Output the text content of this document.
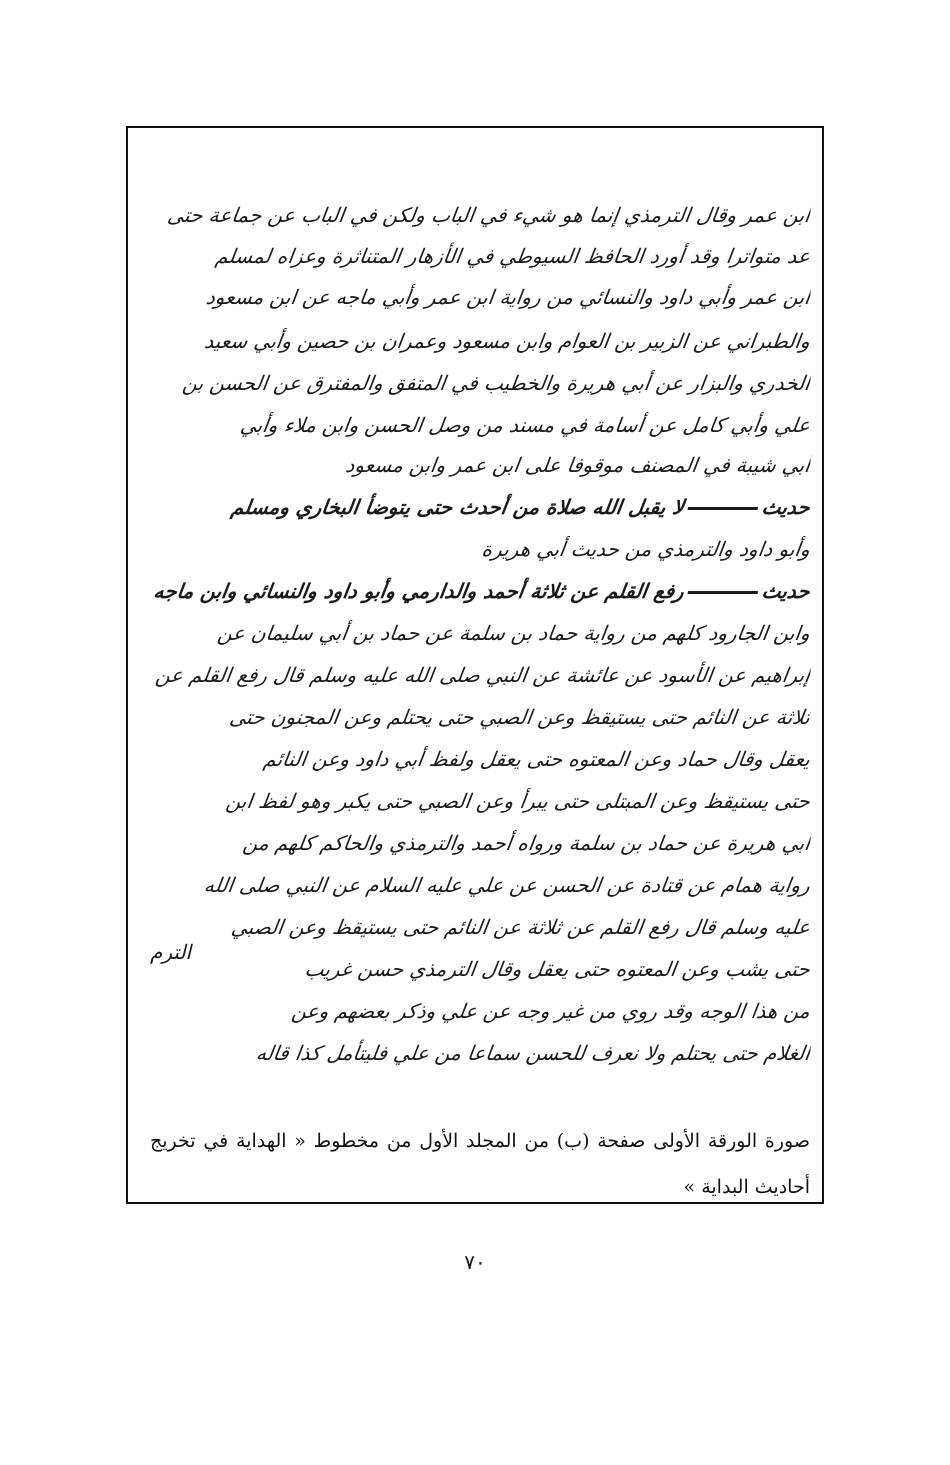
ابن عمر وقال الترمذي إنما هو شيء في الباب ولكن في الباب عن جماعة حتى
عد متواترا وقد أورد الحافظ السيوطي في الأزهار المتناثرة وعزاه لمسلم
ابن عمر وأبي داود والنسائي من رواية ابن عمر وأبي ماجه عن ابن مسعود
والطبراني عن الزبير بن العوام وابن مسعود وعمران بن حصين وأبي سعيد
الخدري والبزار عن أبي هريرة والخطيب في المتفق والمفترق عن الحسن بن
علي وأبي كامل عن أسامة في مسند من وصل الحسن وابن ملاء وأبي
أبي شيبة في المصنف موقوفا على ابن عمر وابن مسعود
حديثلا يقبل الله صلاة من أحدث حتى يتوضأ البخاري ومسلم
وأبو داود والترمذي من حديث أبي هريرة
حديثرفع القلم عن ثلاثة أحمد والدارمي وأبو داود والنسائي وابن ماجه
وابن الجارود كلهم من رواية حماد بن سلمة عن حماد بن أبي سليمان عن
إبراهيم عن الأسود عن عائشة عن النبي صلى الله عليه وسلم قال رفع القلم عن
ثلاثة عن النائم حتى يستيقظ وعن الصبي حتى يحتلم وعن المجنون حتى
يعقل وقال حماد وعن المعتوه حتى يعقل ولفظ أبي داود وعن النائم
حتى يستيقظ وعن المبتلى حتى يبرأ وعن الصبي حتى يكبر وهو لفظ ابن
أبي هريرة عن حماد بن سلمة ورواه أحمد والترمذي والحاكم كلهم من
رواية همام عن قتادة عن الحسن عن علي عليه السلام عن النبي صلى الله
عليه وسلم قال رفع القلم عن ثلاثة عن النائم حتى يستيقظ وعن الصبي
حتى يشب وعن المعتوه حتى يعقل وقال الترمذي حسن غريب
من هذا الوجه وقد روي من غير وجه عن علي وذكر بعضهم وعن
الغلام حتى يحتلم ولا نعرف للحسن سماعا من علي فليتأمل كذا قاله
الترم
صورة الورقة الأولى صفحة (ب) من المجلد الأول من مخطوط « الهداية في تخريج أحاديث البداية »
٧٠
